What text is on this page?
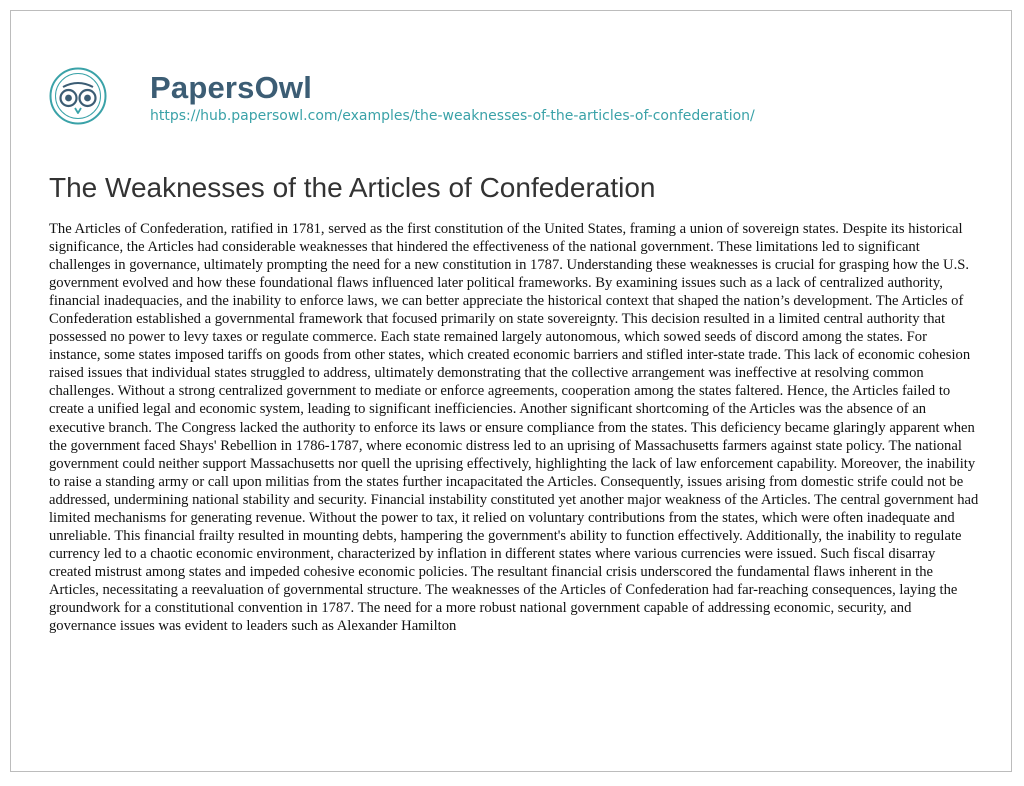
PapersOwl
https://hub.papersowl.com/examples/the-weaknesses-of-the-articles-of-confederation/
The Weaknesses of the Articles of Confederation

The Articles of Confederation, ratified in 1781, served as the first constitution of the United States, framing a union of sovereign states. Despite its historical significance, the Articles had considerable weaknesses that hindered the effectiveness of the national government. These limitations led to significant challenges in governance, ultimately prompting the need for a new constitution in 1787. Understanding these weaknesses is crucial for grasping how the U.S. government evolved and how these foundational flaws influenced later political frameworks. By examining issues such as a lack of centralized authority, financial inadequacies, and the inability to enforce laws, we can better appreciate the historical context that shaped the nation’s development. The Articles of Confederation established a governmental framework that focused primarily on state sovereignty. This decision resulted in a limited central authority that possessed no power to levy taxes or regulate commerce. Each state remained largely autonomous, which sowed seeds of discord among the states. For instance, some states imposed tariffs on goods from other states, which created economic barriers and stifled inter-state trade. This lack of economic cohesion raised issues that individual states struggled to address, ultimately demonstrating that the collective arrangement was ineffective at resolving common challenges. Without a strong centralized government to mediate or enforce agreements, cooperation among the states faltered. Hence, the Articles failed to create a unified legal and economic system, leading to significant inefficiencies. Another significant shortcoming of the Articles was the absence of an executive branch. The Congress lacked the authority to enforce its laws or ensure compliance from the states. This deficiency became glaringly apparent when the government faced Shays' Rebellion in 1786-1787, where economic distress led to an uprising of Massachusetts farmers against state policy. The national government could neither support Massachusetts nor quell the uprising effectively, highlighting the lack of law enforcement capability. Moreover, the inability to raise a standing army or call upon militias from the states further incapacitated the Articles. Consequently, issues arising from domestic strife could not be addressed, undermining national stability and security. Financial instability constituted yet another major weakness of the Articles. The central government had limited mechanisms for generating revenue. Without the power to tax, it relied on voluntary contributions from the states, which were often inadequate and unreliable. This financial frailty resulted in mounting debts, hampering the government's ability to function effectively. Additionally, the inability to regulate currency led to a chaotic economic environment, characterized by inflation in different states where various currencies were issued. Such fiscal disarray created mistrust among states and impeded cohesive economic policies. The resultant financial crisis underscored the fundamental flaws inherent in the Articles, necessitating a reevaluation of governmental structure. The weaknesses of the Articles of Confederation had far-reaching consequences, laying the groundwork for a constitutional convention in 1787. The need for a more robust national government capable of addressing economic, security, and governance issues was evident to leaders such as Alexander Hamilton
